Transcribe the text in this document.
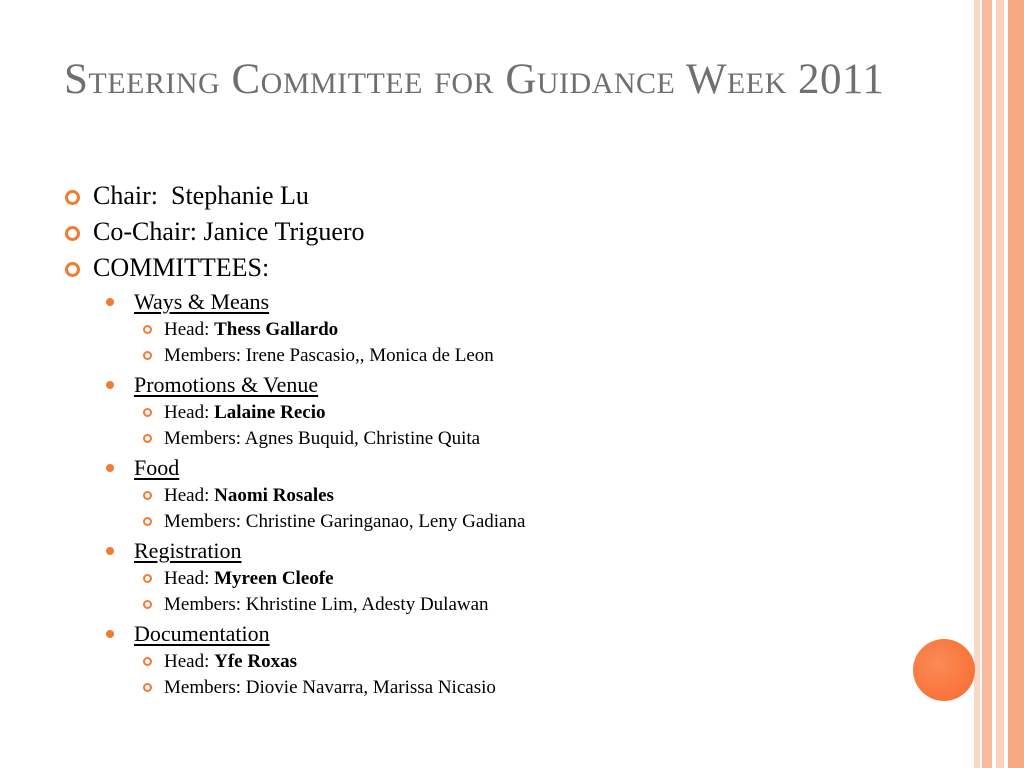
Steering Committee for Guidance Week 2011
Chair:  Stephanie Lu
Co-Chair: Janice Triguero
COMMITTEES:
Ways & Means
Head: Thess Gallardo
Members: Irene Pascasio,, Monica de Leon
Promotions & Venue
Head: Lalaine Recio
Members: Agnes Buquid, Christine Quita
Food
Head: Naomi Rosales
Members: Christine Garinganao, Leny Gadiana
Registration
Head: Myreen Cleofe
Members: Khristine Lim, Adesty Dulawan
Documentation
Head: Yfe Roxas
Members: Diovie Navarra, Marissa Nicasio
